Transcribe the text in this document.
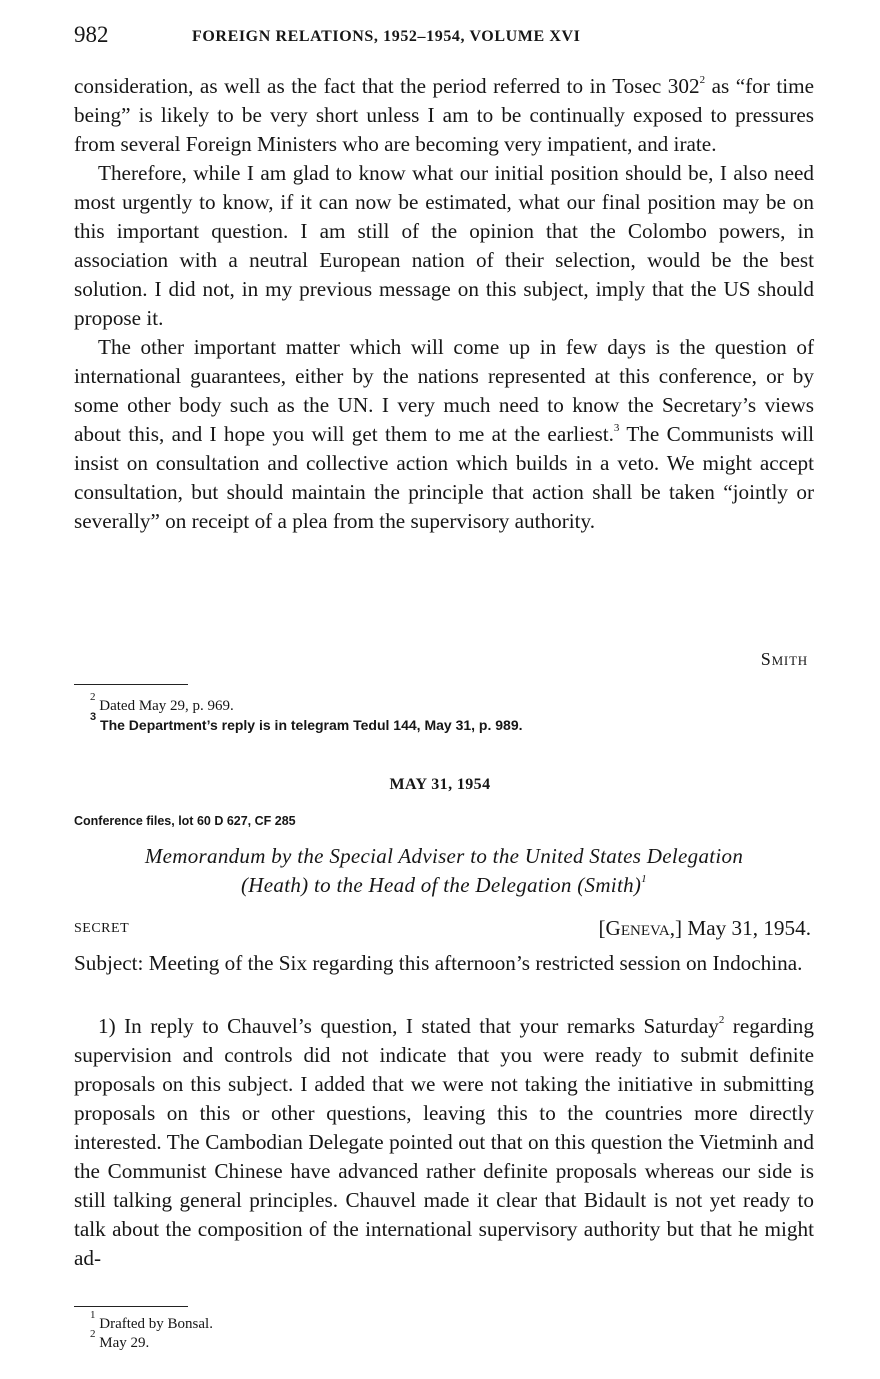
982	FOREIGN RELATIONS, 1952–1954, VOLUME XVI

consideration, as well as the fact that the period referred to in Tosec $302^2$ as “for time being” is likely to be very short unless I am to be continually exposed to pressures from several Foreign Ministers who are becoming very impatient, and irate.

Therefore, while I am glad to know what our initial position should be, I also need most urgently to know, if it can now be estimated, what our final position may be on this important question. I am still of the opinion that the Colombo powers, in association with a neutral European nation of their selection, would be the best solution. I did not, in my previous message on this subject, imply that the US should propose it.

The other important matter which will come up in few days is the question of international guarantees, either by the nations represented at this conference, or by some other body such as the UN. I very much need to know the Secretary’s views about this, and I hope you will get them to me at the earliest.$^3$ The Communists will insist on consultation and collective action which builds in a veto. We might accept consultation, but should maintain the principle that action shall be taken “jointly or severally” on receipt of a plea from the supervisory authority.

Smith

$^2$ Dated May 29, p. 969.

$^3$ The Department’s reply is in telegram Tedul 144, May 31, p. 989.

MAY 31, 1954
Conference files, lot 60 D 627, CF 285

Memorandum by the Special Adviser to the United States Delegation

(Heath) to the Head of the Delegation (Smith)$^1$

SECRET	[Geneva,] May 31, 1954.

Subject: Meeting of the Six regarding this afternoon’s restricted session on Indochina.

1) In reply to Chauvel’s question, I stated that your remarks Saturday$^2$ regarding supervision and controls did not indicate that you were ready to submit definite proposals on this subject. I added that we were not taking the initiative in submitting proposals on this or other questions, leaving this to the countries more directly interested. The Cambodian Delegate pointed out that on this question the Vietminh and the Communist Chinese have advanced rather definite proposals whereas our side is still talking general principles. Chauvel made it clear that Bidault is not yet ready to talk about the composition of the international supervisory authority but that he might ad-

$^1$ Drafted by Bonsal.

$^2$ May 29.
